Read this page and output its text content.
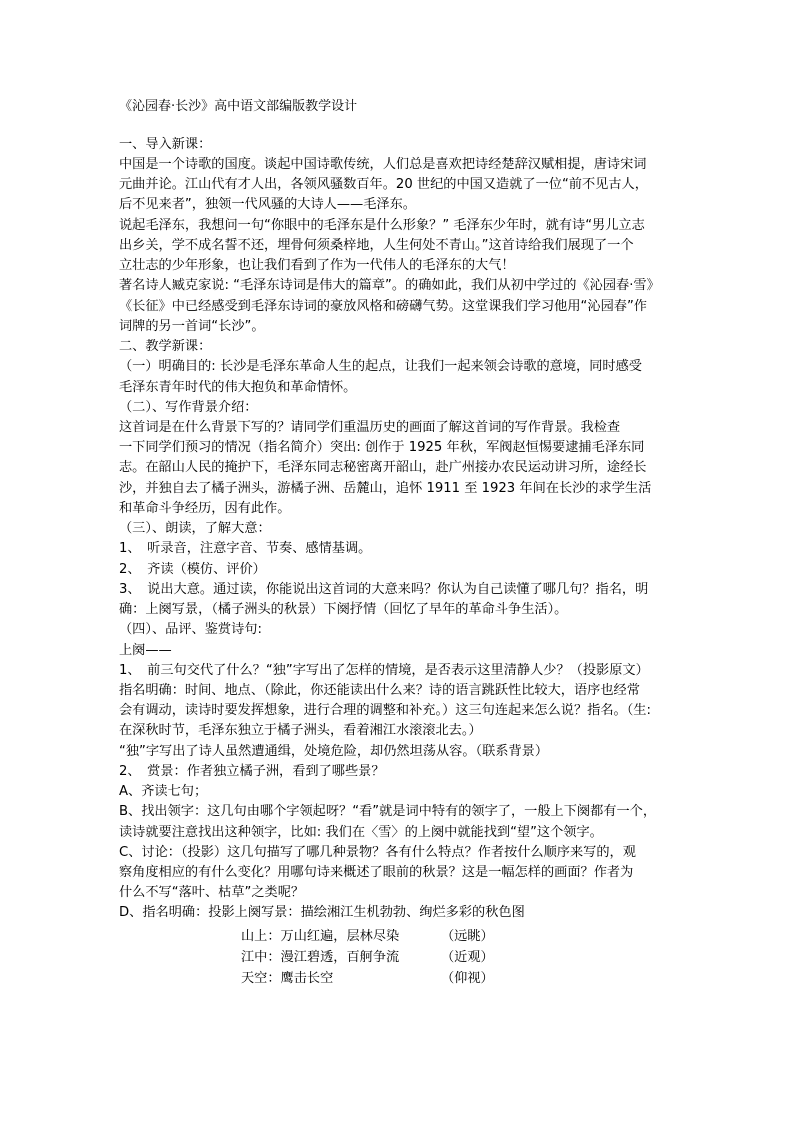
《沁园春·长沙》高中语文部编版教学设计
一、导入新课：
中国是一个诗歌的国度。谈起中国诗歌传统，人们总是喜欢把诗经楚辞汉赋相提，唐诗宋词
元曲并论。江山代有才人出，各领风骚数百年。20 世纪的中国又造就了一位“前不见古人，
后不见来者”，独领一代风骚的大诗人——毛泽东。
说起毛泽东，我想问一句“你眼中的毛泽东是什么形象？” 毛泽东少年时，就有诗“男儿立志
出乡关，学不成名誓不还，埋骨何须桑梓地，人生何处不青山。”这首诗给我们展现了一个
立壮志的少年形象，也让我们看到了作为一代伟人的毛泽东的大气！
著名诗人臧克家说: “毛泽东诗词是伟大的篇章”。的确如此，我们从初中学过的《沁园春·雪》
《长征》中已经感受到毛泽东诗词的豪放风格和磅礴气势。这堂课我们学习他用“沁园春”作
词牌的另一首词“长沙”。
二、教学新课：
（一）明确目的: 长沙是毛泽东革命人生的起点，让我们一起来领会诗歌的意境，同时感受
毛泽东青年时代的伟大抱负和革命情怀。
（二）、写作背景介绍：
这首词是在什么背景下写的？请同学们重温历史的画面了解这首词的写作背景。我检查
一下同学们预习的情况（指名简介）突出: 创作于 1925 年秋，军阀赵恒惕要逮捕毛泽东同
志。在韶山人民的掩护下，毛泽东同志秘密离开韶山，赴广州接办农民运动讲习所，途经长
沙，并独自去了橘子洲头，游橘子洲、岳麓山，追怀 1911 至 1923 年间在长沙的求学生活
和革命斗争经历，因有此作。
（三）、朗读，了解大意：
1、　听录音，注意字音、节奏、感情基调。
2、　齐读（模仿、评价）
3、　说出大意。通过读，你能说出这首词的大意来吗？你认为自己读懂了哪几句？指名，明
确：上阕写景，（橘子洲头的秋景）下阕抒情（回忆了早年的革命斗争生活）。
（四）、品评、鉴赏诗句:
上阕——
1、　前三句交代了什么？“独”字写出了怎样的情境，是否表示这里清静人少？（投影原文）
指名明确：时间、地点、（除此，你还能读出什么来？诗的语言跳跃性比较大，语序也经常
会有调动，读诗时要发挥想象，进行合理的调整和补充。）这三句连起来怎么说？指名。（生:
在深秋时节，毛泽东独立于橘子洲头，看着湘江水滚滚北去。）
“独”字写出了诗人虽然遭通缉，处境危险，却仍然坦荡从容。（联系背景）
2、　赏景：作者独立橘子洲，看到了哪些景？
A、齐读七句；
B、找出领字：这几句由哪个字领起呀？“看”就是词中特有的领字了，一般上下阕都有一个，
读诗就要注意找出这种领字，比如: 我们在〈雪〉的上阕中就能找到“望”这个领字。
C、讨论：（投影）这几句描写了哪几种景物？各有什么特点？作者按什么顺序来写的，观
察角度相应的有什么变化？用哪句诗来概述了眼前的秋景？这是一幅怎样的画面？作者为
什么不写“落叶、枯草”之类呢？
D、指名明确：投影上阕写景：描绘湘江生机勃勃、绚烂多彩的秋色图
山上：万山红遍，层林尽染	（远眺）
江中：漫江碧透，百舸争流	（近观）
天空：鹰击长空	（仰视）
